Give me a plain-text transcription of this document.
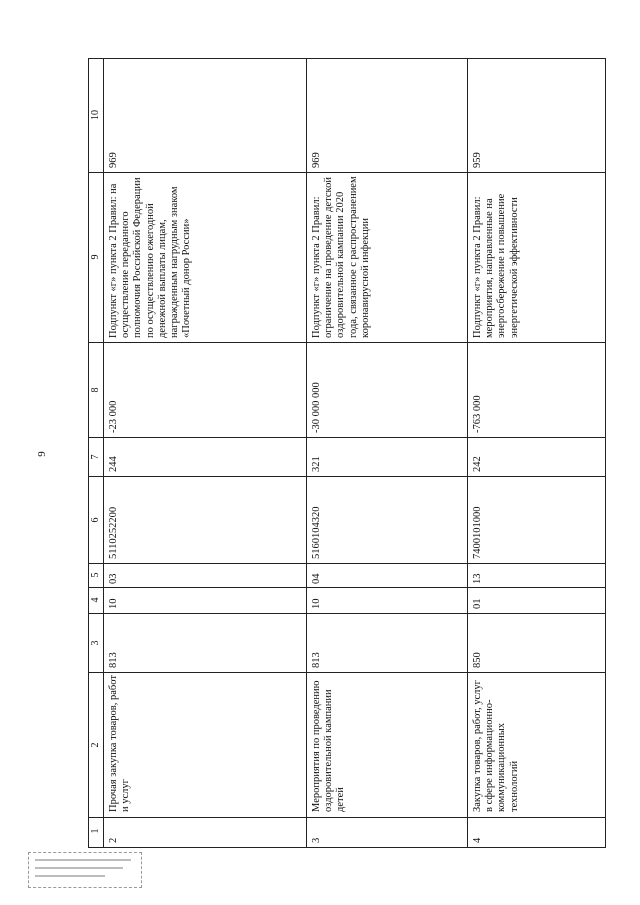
9
10
9
8
7
6
5
4
3
2
1
2
Прочая закупка товаров, работ и услуг
813
10
03
5110252200
244
-23 000
Подпункт «г» пункта 2 Правил: на осуществление переданного полномочия Российской Федерации по осуществлению ежегодной денежной выплаты лицам, награжденным нагрудным знаком «Почетный донор России»
969
3
Мероприятия по проведению оздоровительной кампании детей
813
10
04
5160104320
321
-30 000 000
Подпункт «г» пункта 2 Правил: ограничение на проведение детской оздоровительной кампании 2020 года, связанное с распространением коронавирусной инфекции
969
4
Закупка товаров, работ, услуг в сфере информационно-коммуникационных технологий
850
01
13
7400101000
242
-763 000
Подпункт «г» пункта 2 Правил: мероприятия, направленные на энергосбережение и повышение энергетической эффективности
959
